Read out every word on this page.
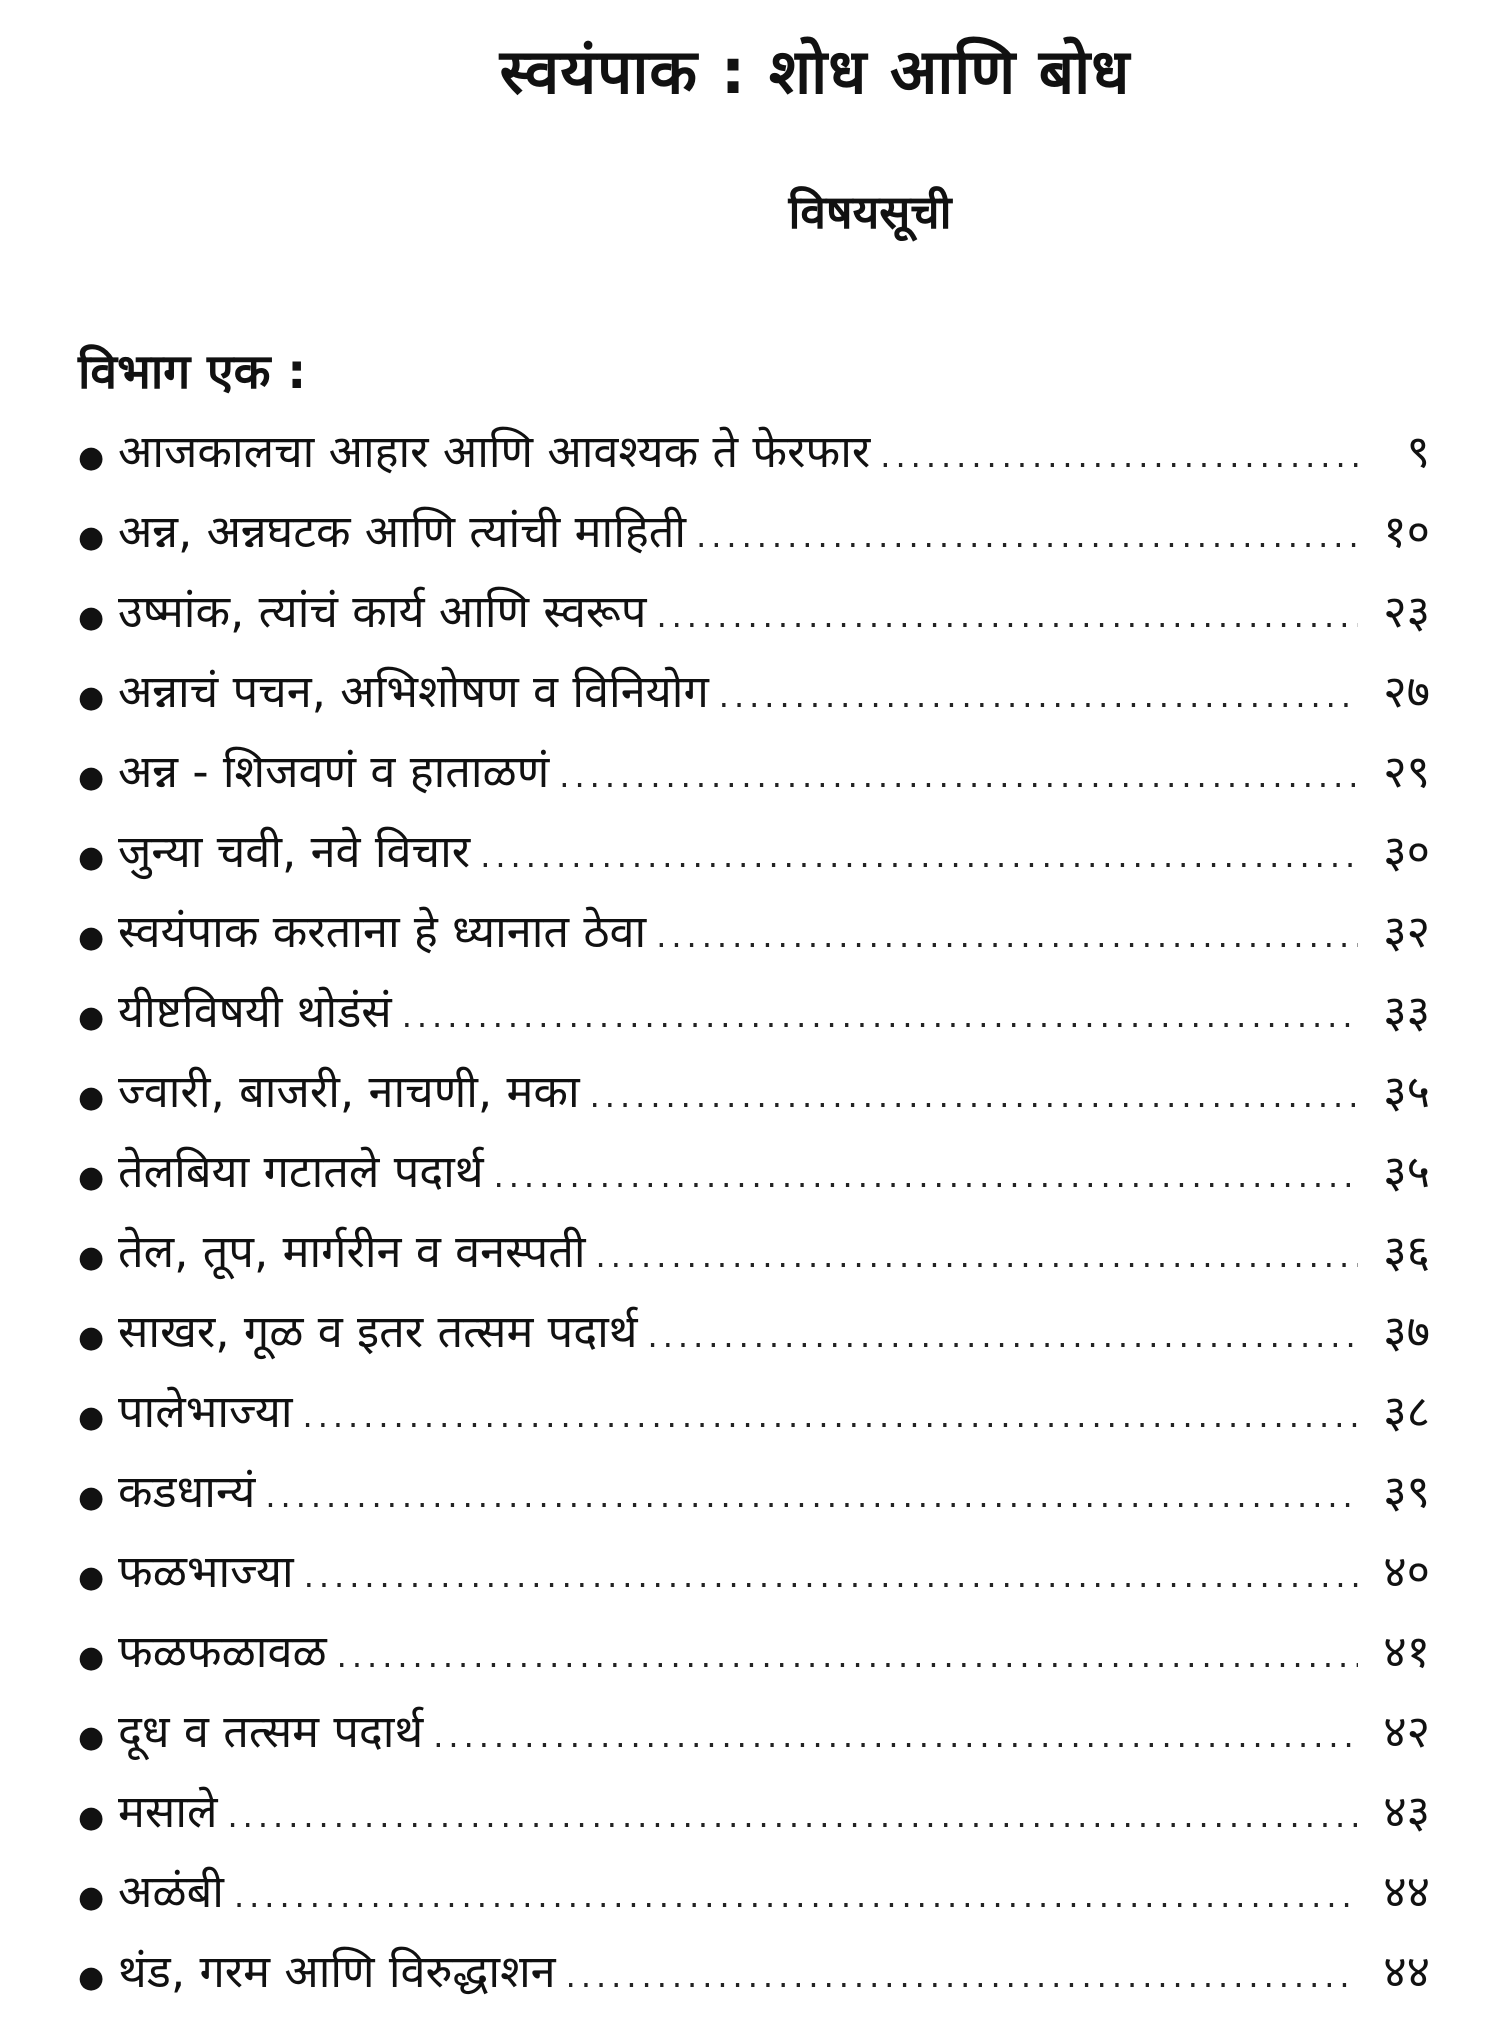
स्वयंपाक : शोध आणि बोध
विषयसूची
विभाग एक :
● आजकालचा आहार आणि आवश्यक ते फेरफार .....	९
● अन्न, अन्नघटक आणि त्यांची माहिती .....	१०
● उष्मांक, त्यांचं कार्य आणि स्वरूप .....	२३
● अन्नाचं पचन, अभिशोषण व विनियोग .....	२७
● अन्न - शिजवणं व हाताळणं .....	२९
● जुन्या चवी, नवे विचार .....	३०
● स्वयंपाक करताना हे ध्यानात ठेवा .....	३२
● यीष्टविषयी थोडंसं .....	३३
● ज्वारी, बाजरी, नाचणी, मका .....	३५
● तेलबिया गटातले पदार्थ .....	३५
● तेल, तूप, मार्गरीन व वनस्पती .....	३६
● साखर, गूळ व इतर तत्सम पदार्थ .....	३७
● पालेभाज्या .....	३८
● कडधान्यं .....	३९
● फळभाज्या .....	४०
● फळफळावळ .....	४१
● दूध व तत्सम पदार्थ .....	४२
● मसाले .....	४३
● अळंबी .....	४४
● थंड, गरम आणि विरुद्धाशन .....	४४
